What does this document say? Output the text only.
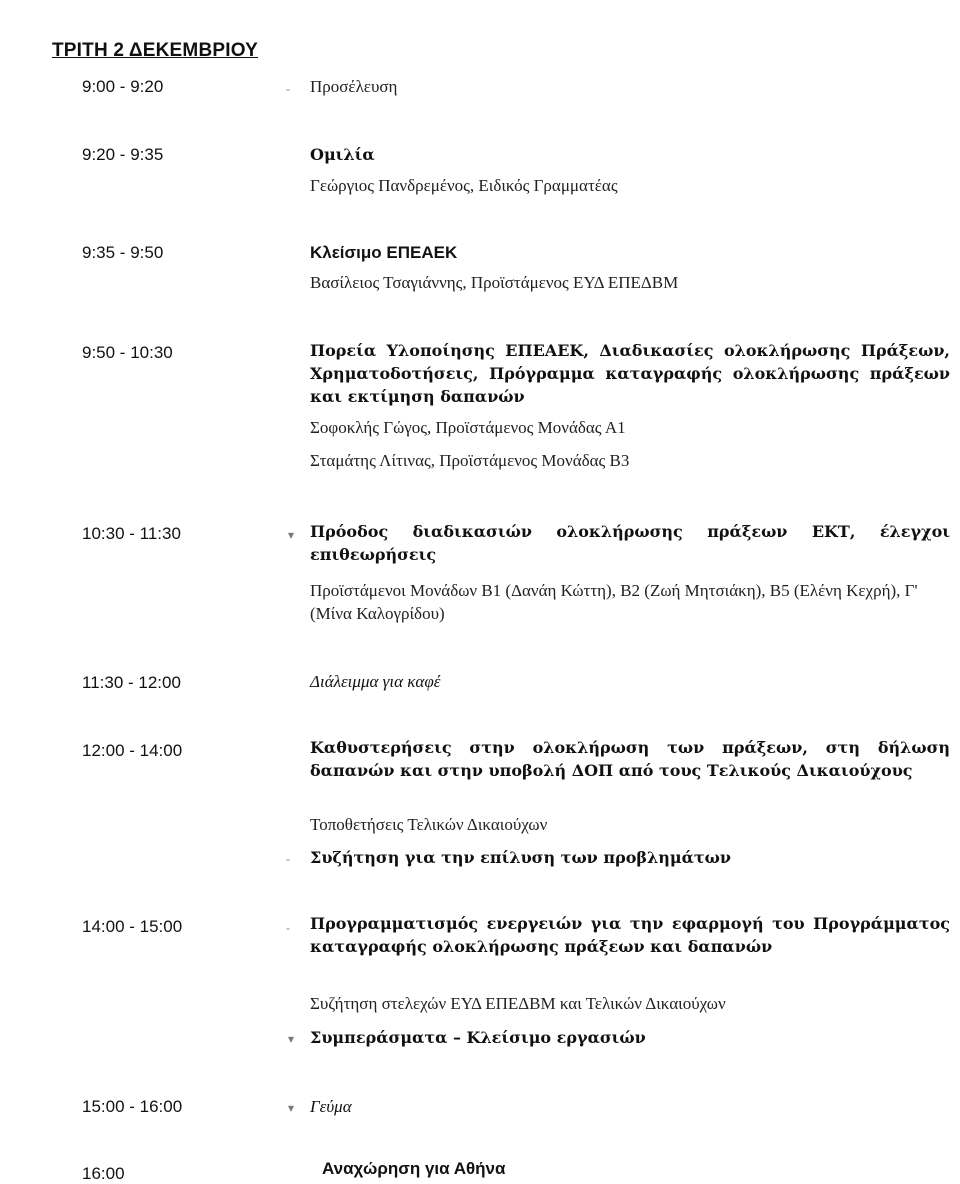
ΤΡΙΤΗ 2 ΔΕΚΕΜΒΡΙΟΥ
9:00 - 9:20	- Προσέλευση
9:20 - 9:35	Ομιλία
Γεώργιος Πανδρεμένος, Ειδικός Γραμματέας
9:35 - 9:50	Κλείσιμο ΕΠΕΑΕΚ
Βασίλειος Τσαγιάννης, Προϊστάμενος ΕΥΔ ΕΠΕΔΒΜ
9:50 - 10:30	Πορεία Υλοποίησης ΕΠΕΑΕΚ, Διαδικασίες ολοκλήρωσης Πράξεων, Χρηματοδοτήσεις, Πρόγραμμα καταγραφής ολοκλήρωσης πράξεων και εκτίμηση δαπανών
Σοφοκλής Γώγος, Προϊστάμενος Μονάδας Α1
Σταμάτης Λίτινας, Προϊστάμενος Μονάδας Β3
10:30 - 11:30	▾ Πρόοδος διαδικασιών ολοκλήρωσης πράξεων ΕΚΤ, έλεγχοι επιθεωρήσεις
Προϊστάμενοι Μονάδων Β1 (Δανάη Κώττη), Β2 (Ζωή Μητσιάκη), Β5 (Ελένη Κεχρή), Γ' (Μίνα Καλογρίδου)
11:30 - 12:00	Διάλειμμα για καφέ
12:00 - 14:00	Καθυστερήσεις στην ολοκλήρωση των πράξεων, στη δήλωση δαπανών και στην υποβολή ΔΟΠ από τους Τελικούς Δικαιούχους
Τοποθετήσεις Τελικών Δικαιούχων
- Συζήτηση για την επίλυση των προβλημάτων
14:00 - 15:00	- Προγραμματισμός ενεργειών για την εφαρμογή του Προγράμματος καταγραφής ολοκλήρωσης πράξεων και δαπανών
Συζήτηση στελεχών ΕΥΔ ΕΠΕΔΒΜ και Τελικών Δικαιούχων
▾ Συμπεράσματα – Κλείσιμο εργασιών
15:00 - 16:00	▾ Γεύμα
16:00	Αναχώρηση για Αθήνα
